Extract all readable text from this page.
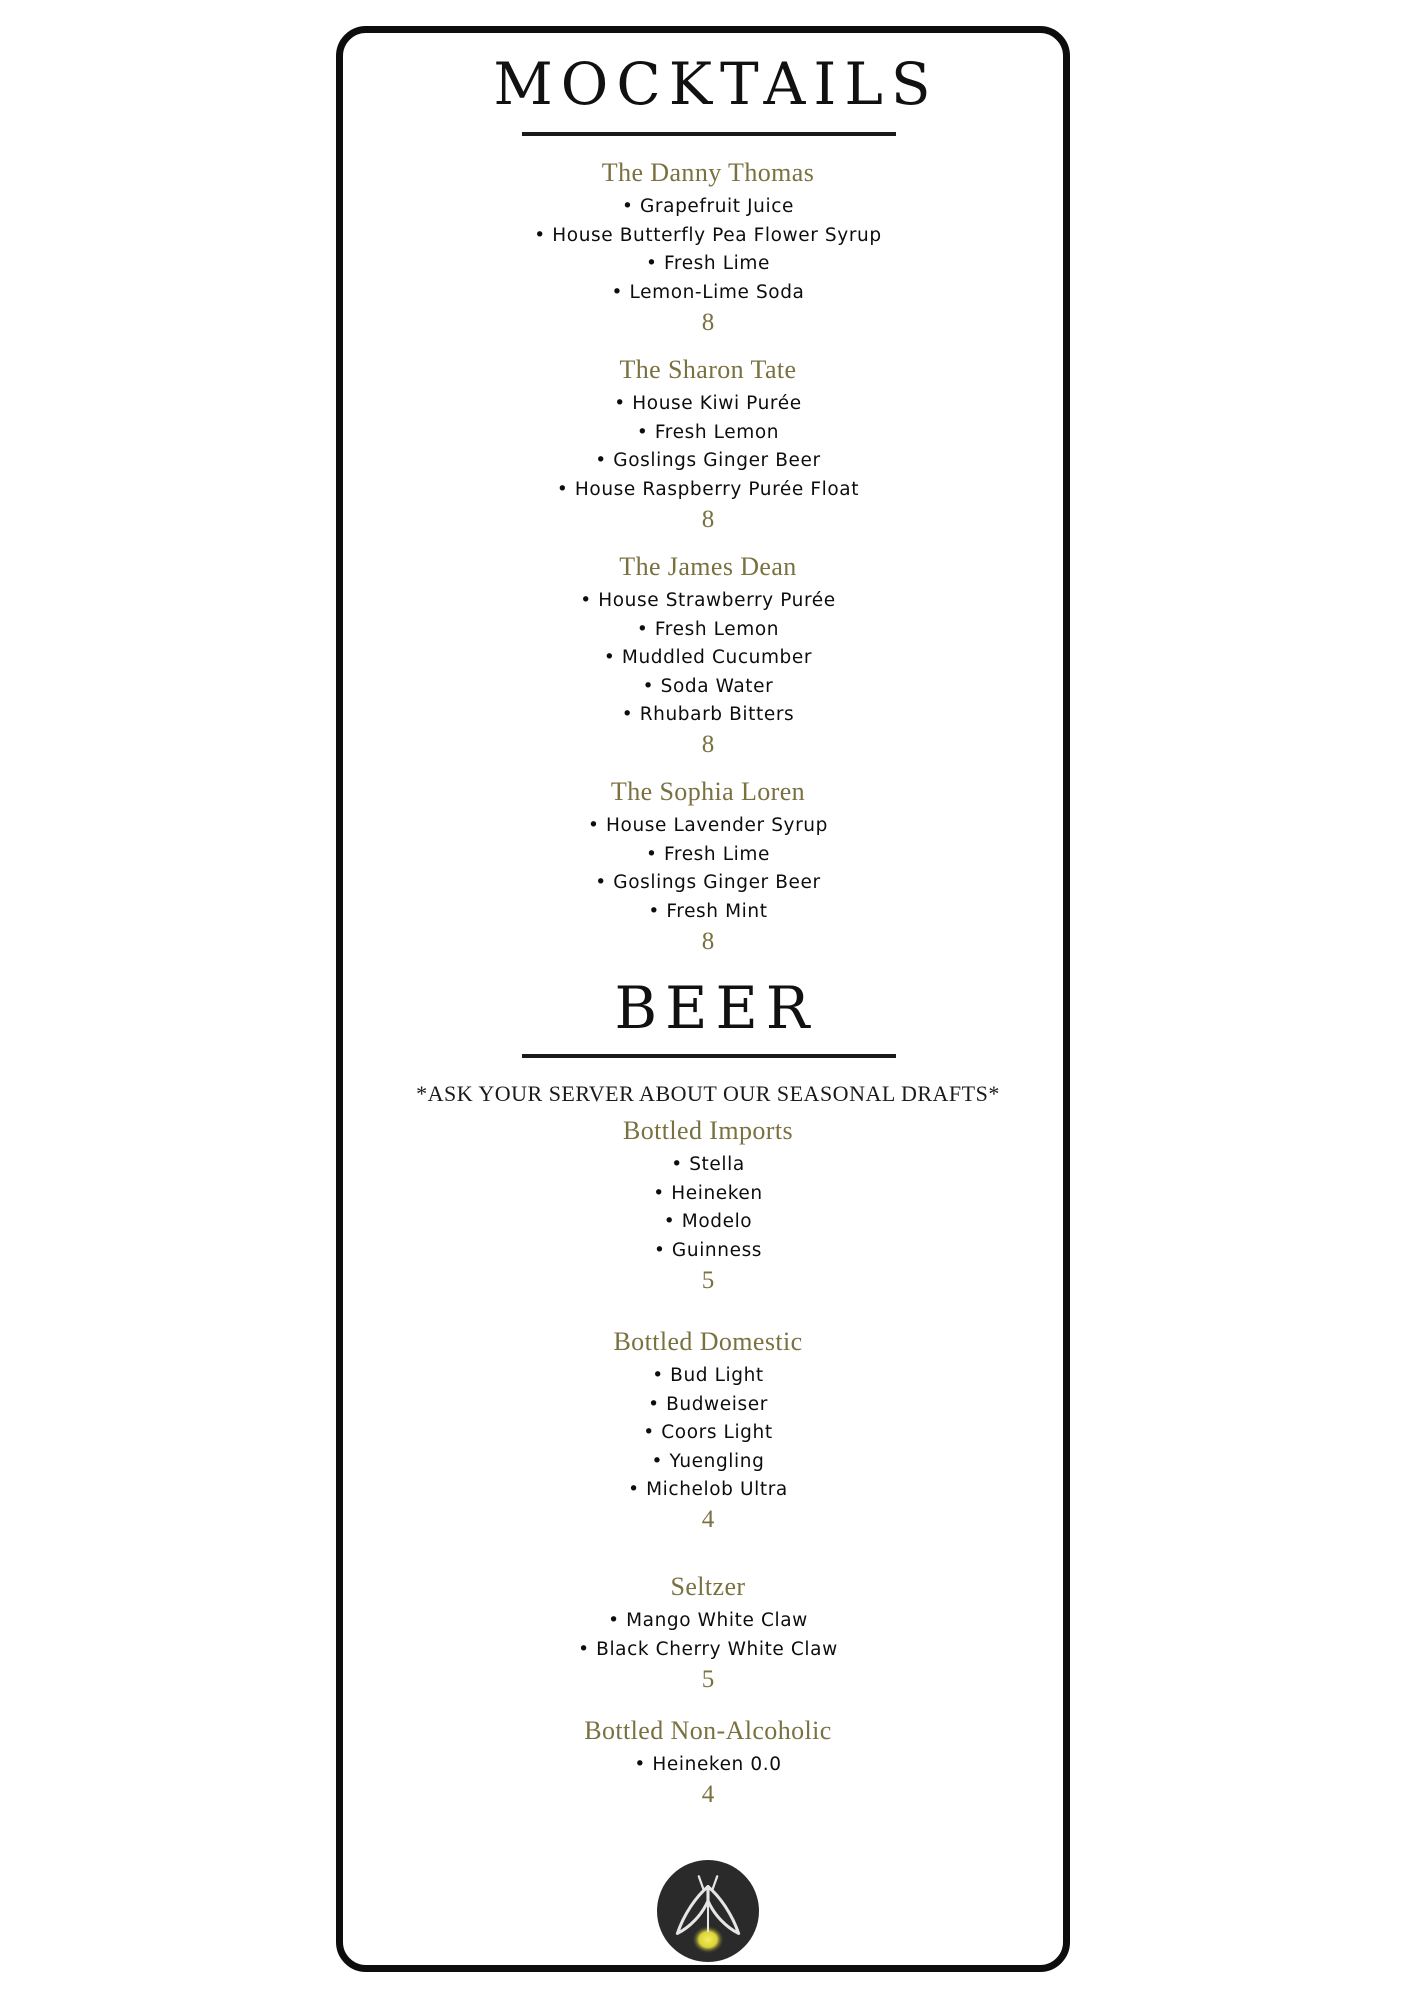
MOCKTAILS
The Danny Thomas
• Grapefruit Juice
• House Butterfly Pea Flower Syrup
• Fresh Lime
• Lemon-Lime Soda
8
The Sharon Tate
• House Kiwi Purée
• Fresh Lemon
• Goslings Ginger Beer
• House Raspberry Purée Float
8
The James Dean
• House Strawberry Purée
• Fresh Lemon
• Muddled Cucumber
• Soda Water
• Rhubarb Bitters
8
The Sophia Loren
• House Lavender Syrup
• Fresh Lime
• Goslings Ginger Beer
• Fresh Mint
8
BEER
*ASK YOUR SERVER ABOUT OUR SEASONAL DRAFTS*
Bottled Imports
• Stella
• Heineken
• Modelo
• Guinness
5
Bottled Domestic
• Bud Light
• Budweiser
• Coors Light
• Yuengling
• Michelob Ultra
4
Seltzer
• Mango White Claw
• Black Cherry White Claw
5
Bottled Non-Alcoholic
• Heineken 0.0
4
